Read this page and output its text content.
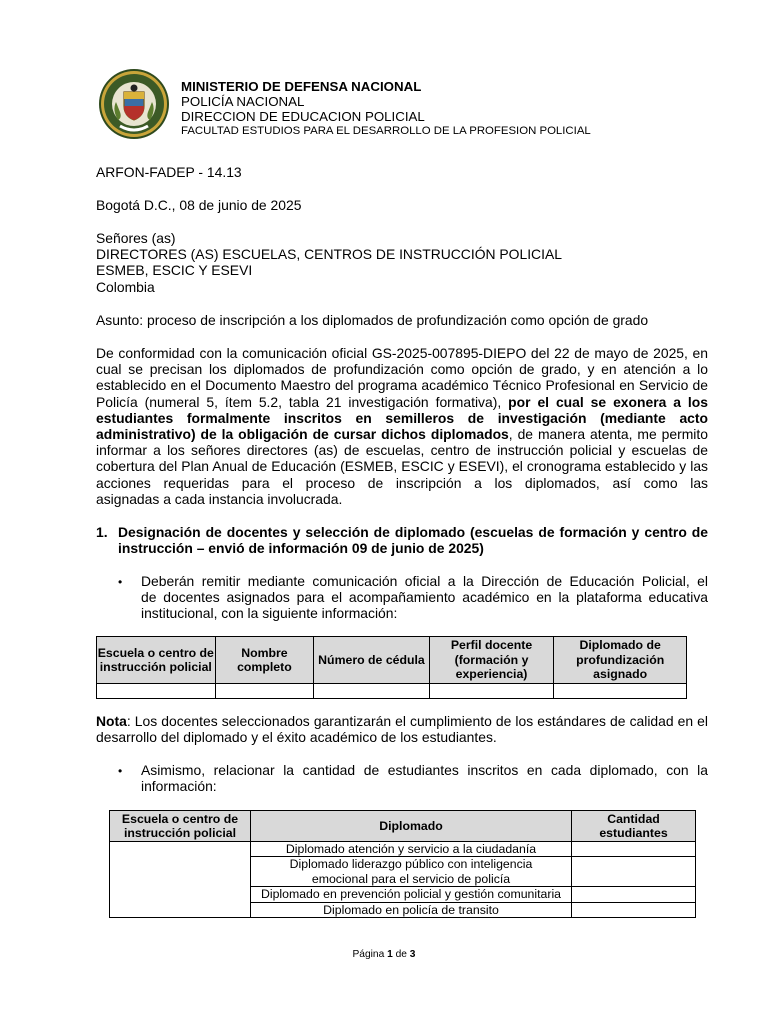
MINISTERIO DE DEFENSA NACIONAL
POLICÍA NACIONAL
DIRECCION DE EDUCACION POLICIAL
FACULTAD ESTUDIOS PARA EL DESARROLLO DE LA PROFESION POLICIAL
ARFON-FADEP - 14.13
Bogotá D.C., 08 de junio de 2025
Señores (as)
DIRECTORES (AS) ESCUELAS, CENTROS DE INSTRUCCIÓN POLICIAL
ESMEB, ESCIC Y ESEVI
Colombia
Asunto: proceso de inscripción a los diplomados de profundización como opción de grado
De conformidad con la comunicación oficial GS-2025-007895-DIEPO del 22 de mayo de 2025, en
cual se precisan los diplomados de profundización como opción de grado, y en atención a lo
establecido en el Documento Maestro del programa académico Técnico Profesional en Servicio de
Policía (numeral 5, ítem 5.2, tabla 21 investigación formativa), por el cual se exonera a los
estudiantes formalmente inscritos en semilleros de investigación (mediante acto
administrativo) de la obligación de cursar dichos diplomados, de manera atenta, me permito
informar a los señores directores (as) de escuelas, centro de instrucción policial y escuelas de
cobertura del Plan Anual de Educación (ESMEB, ESCIC y ESEVI), el cronograma establecido y las
acciones requeridas para el proceso de inscripción a los diplomados, así como las
asignadas a cada instancia involucrada.
1. Designación de docentes y selección de diplomado (escuelas de formación y centro de
instrucción – envió de información 09 de junio de 2025)
• Deberán remitir mediante comunicación oficial a la Dirección de Educación Policial, el
de docentes asignados para el acompañamiento académico en la plataforma educativa
institucional, con la siguiente información:
Escuela o centro de instrucción policial	Nombre completo	Número de cédula	Perfil docente (formación y experiencia)	Diplomado de profundización asignado

Nota: Los docentes seleccionados garantizarán el cumplimiento de los estándares de calidad en el
desarrollo del diplomado y el éxito académico de los estudiantes.
• Asimismo, relacionar la cantidad de estudiantes inscritos en cada diplomado, con la
información:
Escuela o centro de instrucción policial	Diplomado	Cantidad estudiantes
	Diplomado atención y servicio a la ciudadanía	
	Diplomado liderazgo público con inteligencia emocional para el servicio de policía	
	Diplomado en prevención policial y gestión comunitaria	
	Diplomado en policía de transito	
Página 1 de 3
